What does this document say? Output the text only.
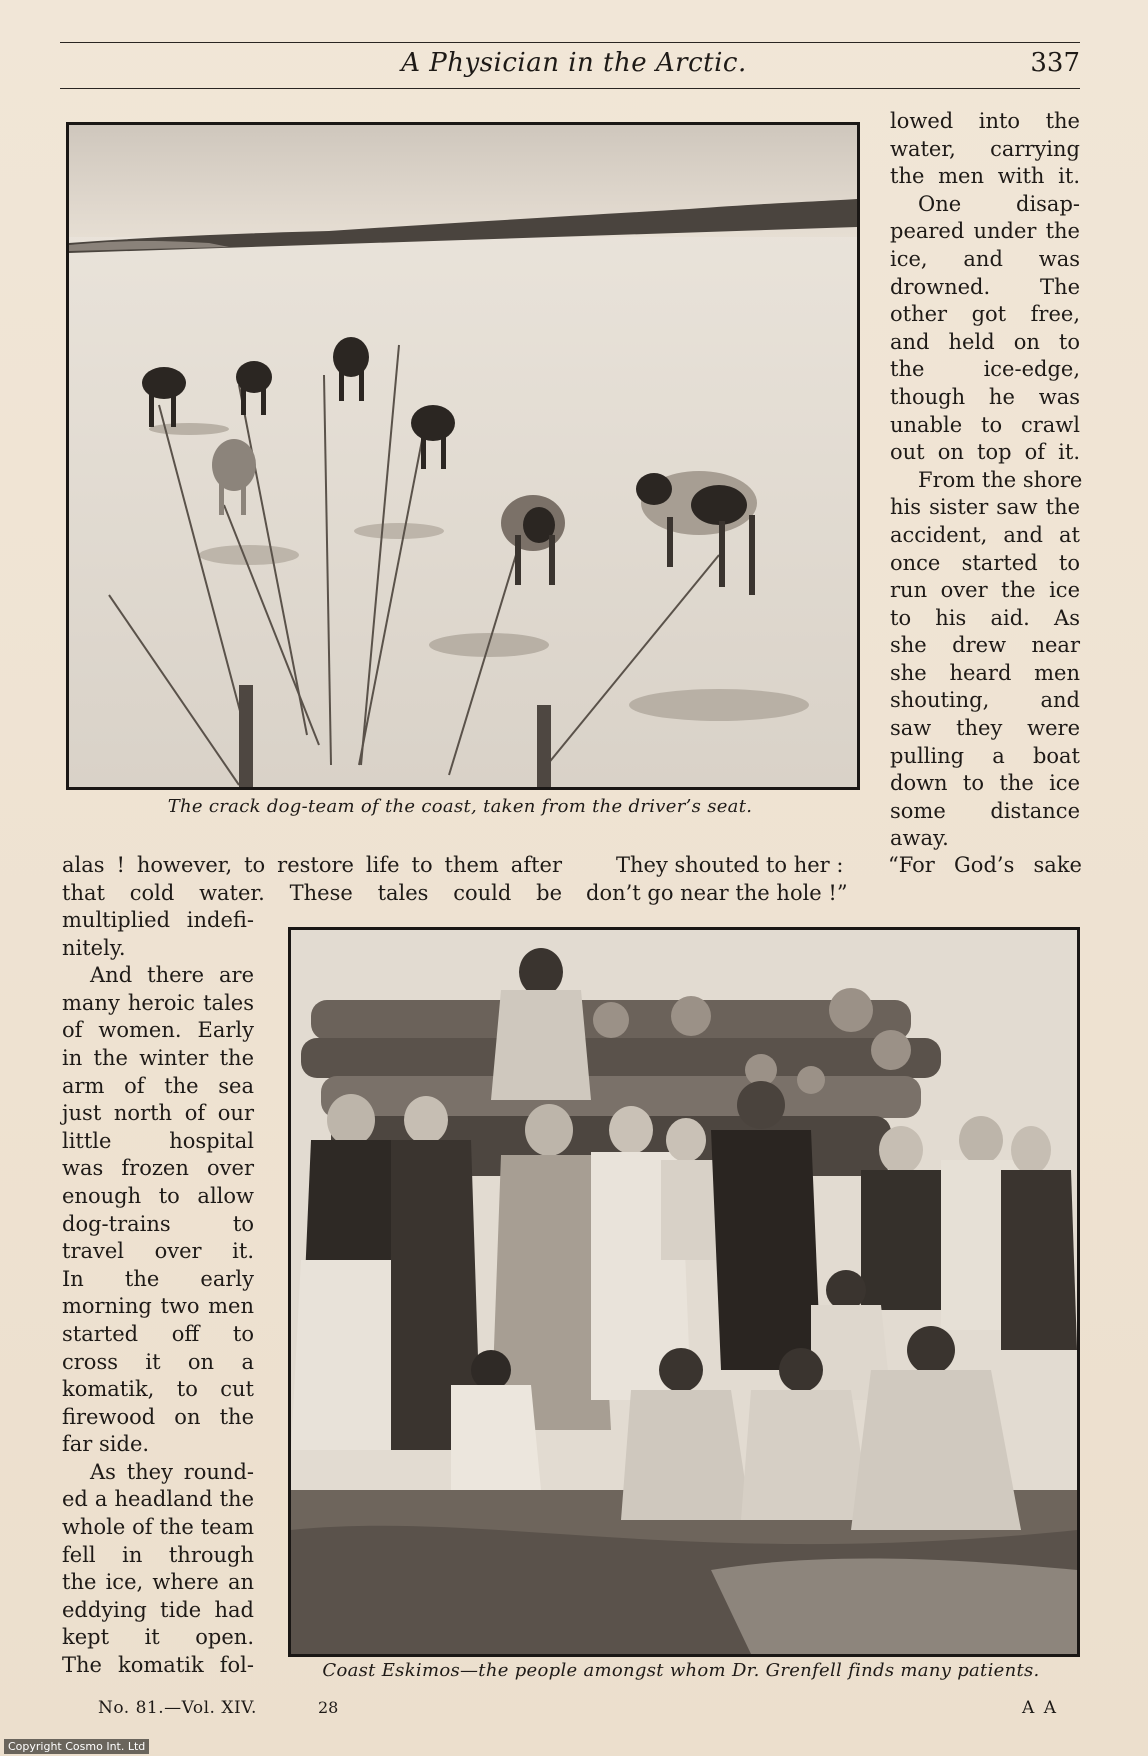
A Physician in the Arctic.	337
The crack dog-team of the coast, taken from the driver’s seat.
lowed into the
water, carrying
the men with it.
One disap-
peared under the
ice, and was
drowned. The
other got free,
and held on to
the ice-edge,
though he was
unable to crawl
out on top of it.
From the shore
his sister saw the
accident, and at
once started to
run over the ice
to his aid. As
she drew near
she heard men
shouting, and
saw they were
pulling a boat
down to the ice
some distance
away.
alas ! however, to restore life to them after
that cold water. These tales could be
They shouted to her :
don’t go near the hole !”
“For God’s sake
multiplied indefi-
nitely.
And there are
many heroic tales
of women. Early
in the winter the
arm of the sea
just north of our
little hospital
was frozen over
enough to allow
dog-trains to
travel over it.
In the early
morning two men
started off to
cross it on a
komatik, to cut
firewood on the
far side.
As they round-
ed a headland the
whole of the team
fell in through
the ice, where an
eddying tide had
kept it open.
The komatik fol-	Coast Eskimos—the people amongst whom Dr. Grenfell finds many patients.
No. 81.—Vol. XIV.	28	A A
Copyright Cosmo Int. Ltd
